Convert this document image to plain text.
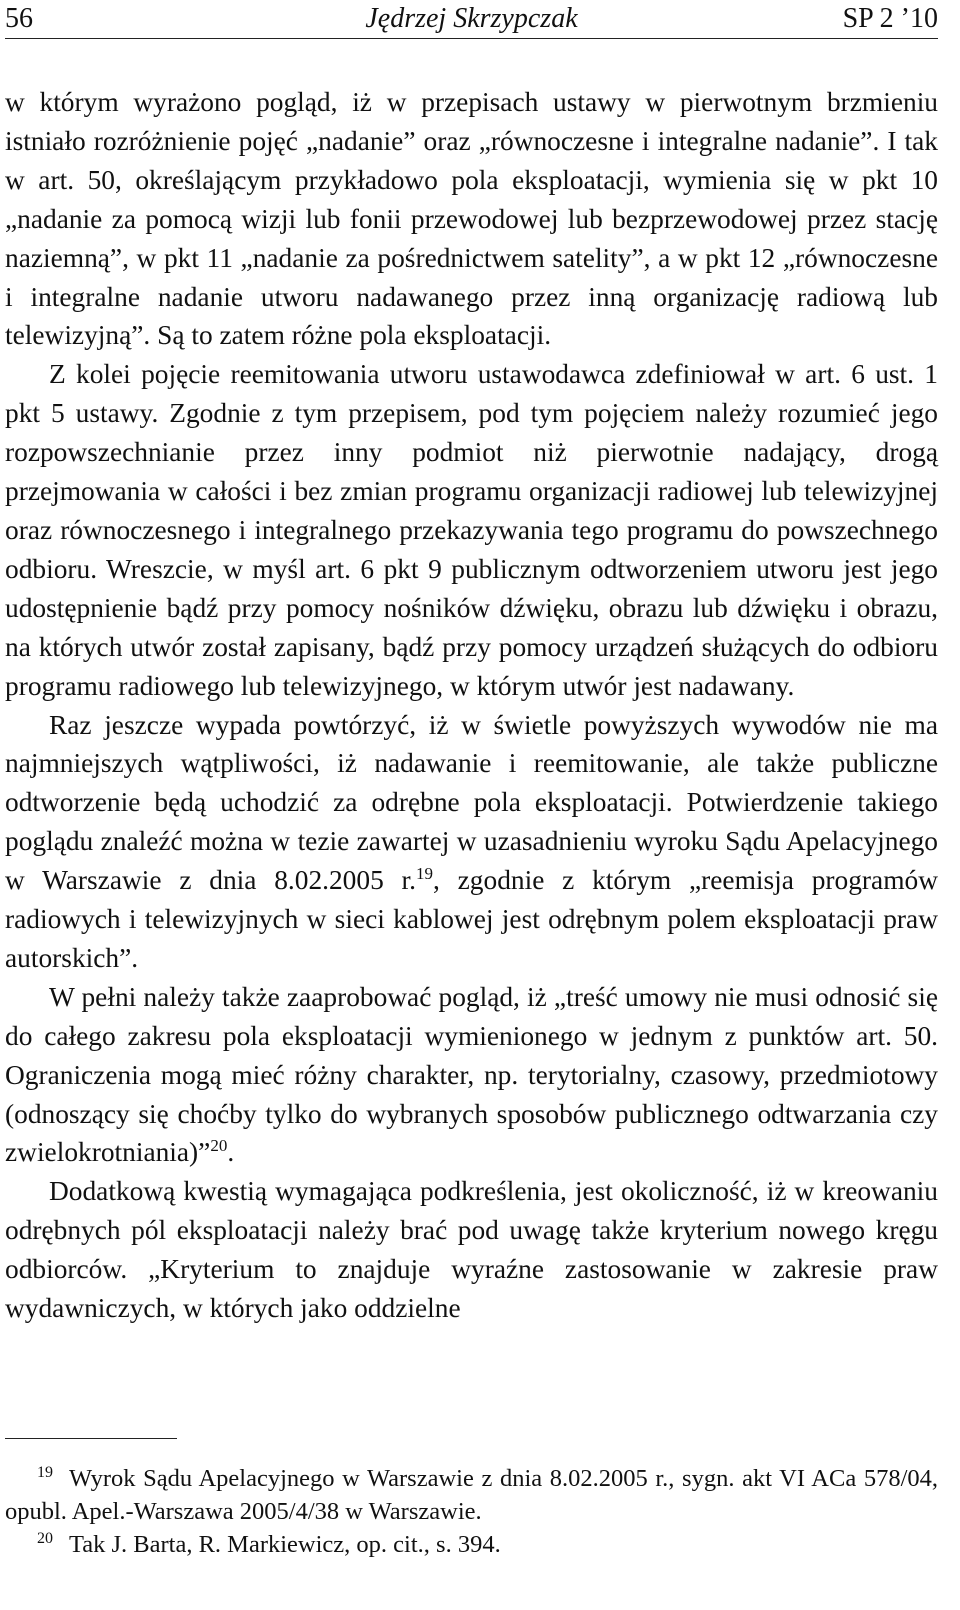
56	Jędrzej Skrzypczak	SP 2 ’10

w którym wyrażono pogląd, iż w przepisach ustawy w pierwotnym brzmieniu istniało rozróżnienie pojęć „nadanie” oraz „równoczesne i integralne nadanie”. I tak w art. 50, określającym przykładowo pola eksploatacji, wymienia się w pkt 10 „nadanie za pomocą wizji lub fonii przewodowej lub bezprzewodowej przez stację naziemną”, w pkt 11 „nadanie za pośrednictwem satelity”, a w pkt 12 „równoczesne i integralne nadanie utworu nadawanego przez inną organizację radiową lub telewizyjną”. Są to zatem różne pola eksploatacji.

Z kolei pojęcie reemitowania utworu ustawodawca zdefiniował w art. 6 ust. 1 pkt 5 ustawy. Zgodnie z tym przepisem, pod tym pojęciem należy rozumieć jego rozpowszechnianie przez inny podmiot niż pierwotnie nadający, drogą przejmowania w całości i bez zmian programu organizacji radiowej lub telewizyjnej oraz równoczesnego i integralnego przekazywania tego programu do powszechnego odbioru. Wreszcie, w myśl art. 6 pkt 9 publicznym odtworzeniem utworu jest jego udostępnienie bądź przy pomocy nośników dźwięku, obrazu lub dźwięku i obrazu, na których utwór został zapisany, bądź przy pomocy urządzeń służących do odbioru programu radiowego lub telewizyjnego, w którym utwór jest nadawany.

Raz jeszcze wypada powtórzyć, iż w świetle powyższych wywodów nie ma najmniejszych wątpliwości, iż nadawanie i reemitowanie, ale także publiczne odtworzenie będą uchodzić za odrębne pola eksploatacji. Potwierdzenie takiego poglądu znaleźć można w tezie zawartej w uzasadnieniu wyroku Sądu Apelacyjnego w Warszawie z dnia 8.02.2005 r.$^{19}$, zgodnie z którym „reemisja programów radiowych i telewizyjnych w sieci kablowej jest odrębnym polem eksploatacji praw autorskich”.

W pełni należy także zaaprobować pogląd, iż „treść umowy nie musi odnosić się do całego zakresu pola eksploatacji wymienionego w jednym z punktów art. 50. Ograniczenia mogą mieć różny charakter, np. terytorialny, czasowy, przedmiotowy (odnoszący się choćby tylko do wybranych sposobów publicznego odtwarzania czy zwielokrotniania)”$^{20}$.

Dodatkową kwestią wymagająca podkreślenia, jest okoliczność, iż w kreowaniu odrębnych pól eksploatacji należy brać pod uwagę także kryterium nowego kręgu odbiorców. „Kryterium to znajduje wyraźne zastosowanie w zakresie praw wydawniczych, w których jako oddzielne

$^{19}$ Wyrok Sądu Apelacyjnego w Warszawie z dnia 8.02.2005 r., sygn. akt VI ACa 578/04, opubl. Apel.-Warszawa 2005/4/38 w Warszawie.

$^{20}$ Tak J. Barta, R. Markiewicz, op. cit., s. 394.
